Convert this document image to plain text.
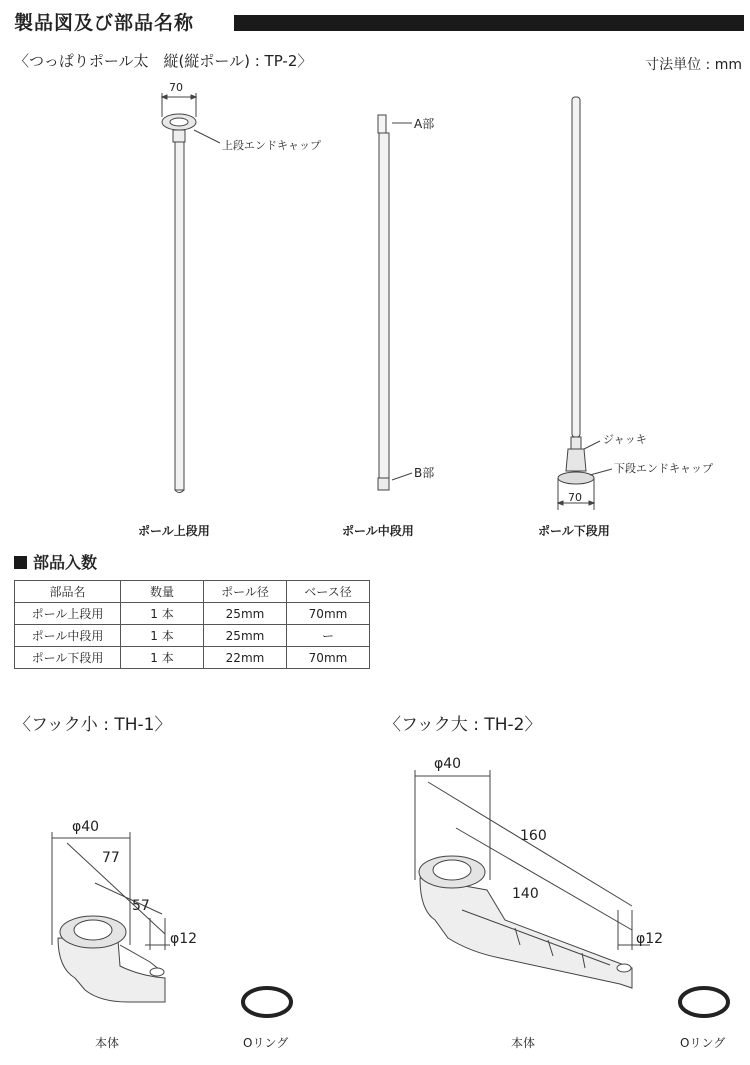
製品図及び部品名称
〈つっぱりポール太　縦(縦ポール) : TP-2〉	寸法単位 : mm
上段エンドキャップ
70
A部
B部
ジャッキ
下段エンドキャップ
70
ポール上段用	ポール中段用	ポール下段用
部品入数
部品名	数量	ポール径	ベース径
ポール上段用	1 本	25mm	70mm
ポール中段用	1 本	25mm	ー
ポール下段用	1 本	22mm	70mm
〈フック小 : TH-1〉	〈フック大 : TH-2〉
φ40
77
57
φ12
本体	Oリング
φ40
160
140
φ12
本体	Oリング
